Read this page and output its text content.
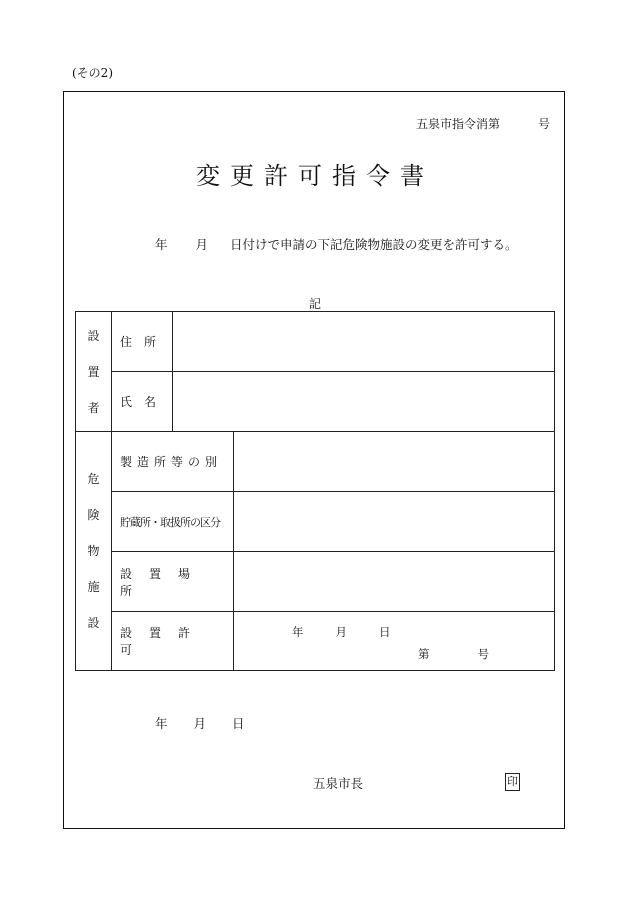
(その2)
五泉市指令消第	号
変更許可指令書
年 月 日付けで申請の下記危険物施設の変更を許可する。
記
設
置
者	住　所		
	氏　名		

危
険
物
施
設	製造所等の別		
	貯蔵所・取扱所の区分		
	設置場所		
	設置許可		年 月 日
第 号
年 月 日
五泉市長	印
